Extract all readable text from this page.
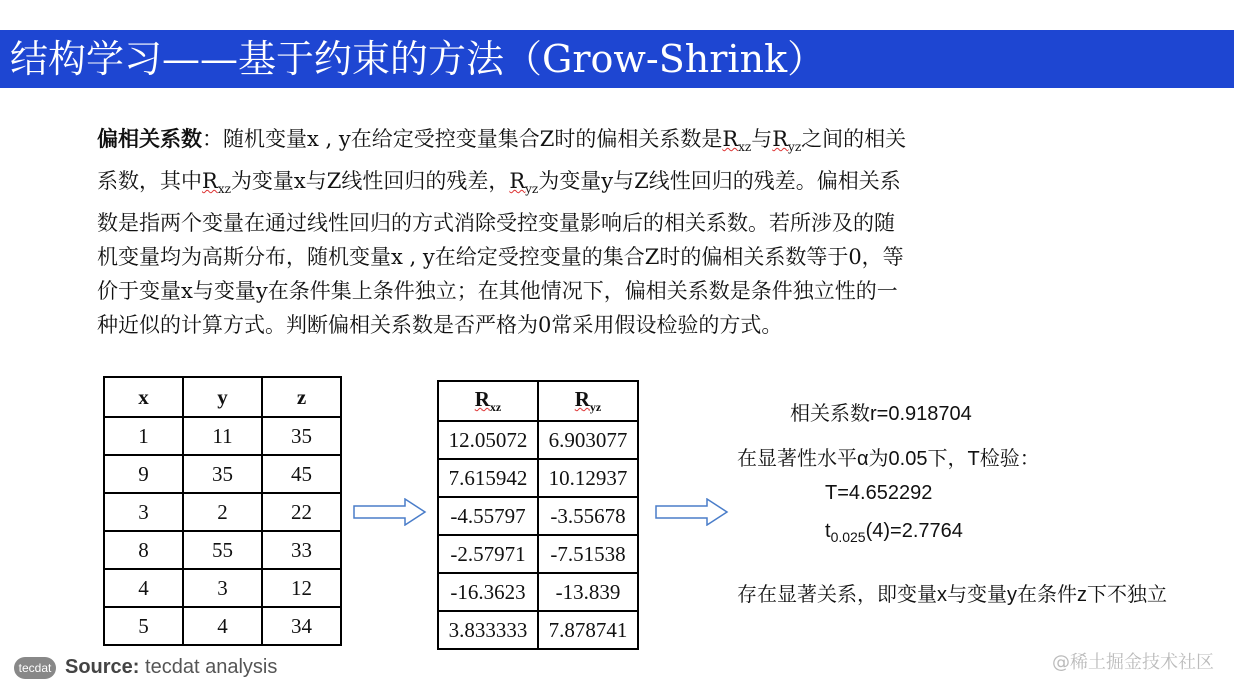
结构学习——基于约束的方法（Grow-Shrink）

偏相关系数：随机变量x , y在给定受控变量集合Z时的偏相关系数是$R_{xz}$与$R_{yz}$之间的相关

系数，其中$R_{xz}$为变量x与Z线性回归的残差，$R_{yz}$为变量y与Z线性回归的残差。偏相关系

数是指两个变量在通过线性回归的方式消除受控变量影响后的相关系数。若所涉及的随

机变量均为高斯分布，随机变量x , y在给定受控变量的集合Z时的偏相关系数等于0，等

价于变量x与变量y在条件集上条件独立；在其他情况下，偏相关系数是条件独立性的一

种近似的计算方式。判断偏相关系数是否严格为0常采用假设检验的方式。

x	y	z
1	11	35
9	35	45
3	2	22
8	55	33
4	3	12
5	4	34
$R_{xz}$	$R_{yz}$
12.05072	6.903077
7.615942	10.12937
-4.55797	-3.55678
-2.57971	-7.51538
-16.3623	-13.839
3.833333	7.878741
相关系数r=0.918704
在显著性水平α为0.05下，T检验：
T=4.652292
$t_{0.025}(4)=2.7764$
存在显著关系，即变量x与变量y在条件z下不独立
tecdat Source: tecdat analysis	@稀土掘金技术社区
